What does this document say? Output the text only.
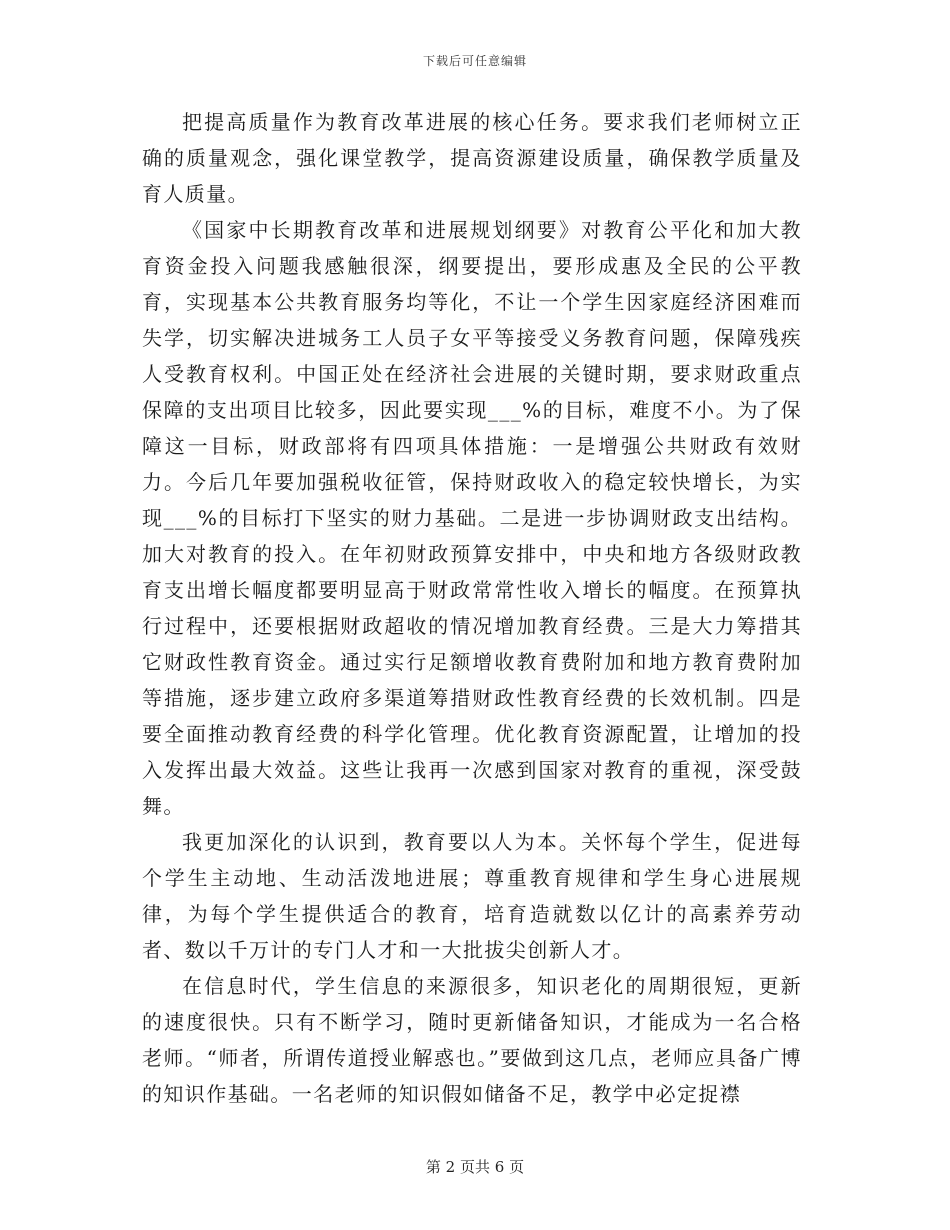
下载后可任意编辑

把提高质量作为教育改革进展的核心任务。要求我们老师树立正确的质量观念，强化课堂教学，提高资源建设质量，确保教学质量及育人质量。

《国家中长期教育改革和进展规划纲要》对教育公平化和加大教育资金投入问题我感触很深，纲要提出，要形成惠及全民的公平教育，实现基本公共教育服务均等化，不让一个学生因家庭经济困难而失学，切实解决进城务工人员子女平等接受义务教育问题，保障残疾人受教育权利。中国正处在经济社会进展的关键时期，要求财政重点保障的支出项目比较多，因此要实现___%的目标，难度不小。为了保障这一目标，财政部将有四项具体措施：一是增强公共财政有效财力。今后几年要加强税收征管，保持财政收入的稳定较快增长，为实现___%的目标打下坚实的财力基础。二是进一步协调财政支出结构。加大对教育的投入。在年初财政预算安排中，中央和地方各级财政教育支出增长幅度都要明显高于财政常常性收入增长的幅度。在预算执行过程中，还要根据财政超收的情况增加教育经费。三是大力筹措其它财政性教育资金。通过实行足额增收教育费附加和地方教育费附加等措施，逐步建立政府多渠道筹措财政性教育经费的长效机制。四是要全面推动教育经费的科学化管理。优化教育资源配置，让增加的投入发挥出最大效益。这些让我再一次感到国家对教育的重视，深受鼓舞。

我更加深化的认识到，教育要以人为本。关怀每个学生，促进每个学生主动地、生动活泼地进展；尊重教育规律和学生身心进展规律，为每个学生提供适合的教育，培育造就数以亿计的高素养劳动者、数以千万计的专门人才和一大批拔尖创新人才。

在信息时代，学生信息的来源很多，知识老化的周期很短，更新的速度很快。只有不断学习，随时更新储备知识，才能成为一名合格老师。“师者，所谓传道授业解惑也。”要做到这几点，老师应具备广博的知识作基础。一名老师的知识假如储备不足，教学中必定捉襟

第 2 页共 6 页
